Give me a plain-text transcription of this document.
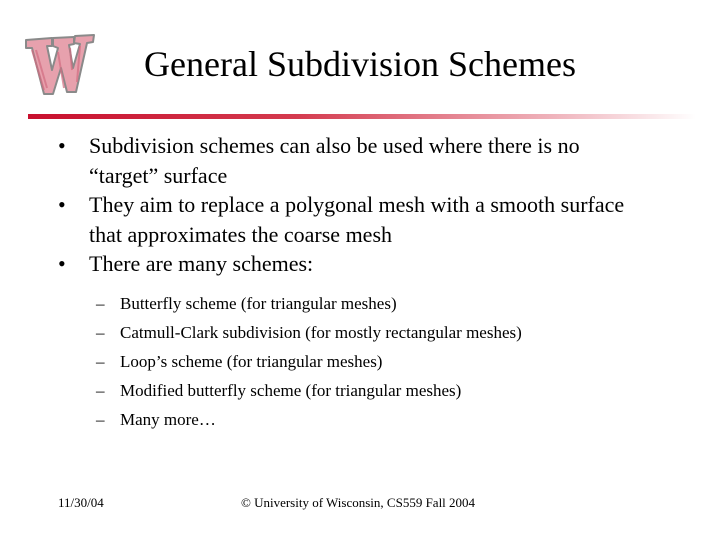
General Subdivision Schemes
• Subdivision schemes can also be used where there is no
“target” surface
• They aim to replace a polygonal mesh with a smooth surface
that approximates the coarse mesh
• There are many schemes:
– Butterfly scheme (for triangular meshes)
– Catmull-Clark subdivision (for mostly rectangular meshes)
– Loop’s scheme (for triangular meshes)
– Modified butterfly scheme (for triangular meshes)
– Many more…
11/30/04	© University of Wisconsin, CS559 Fall 2004
